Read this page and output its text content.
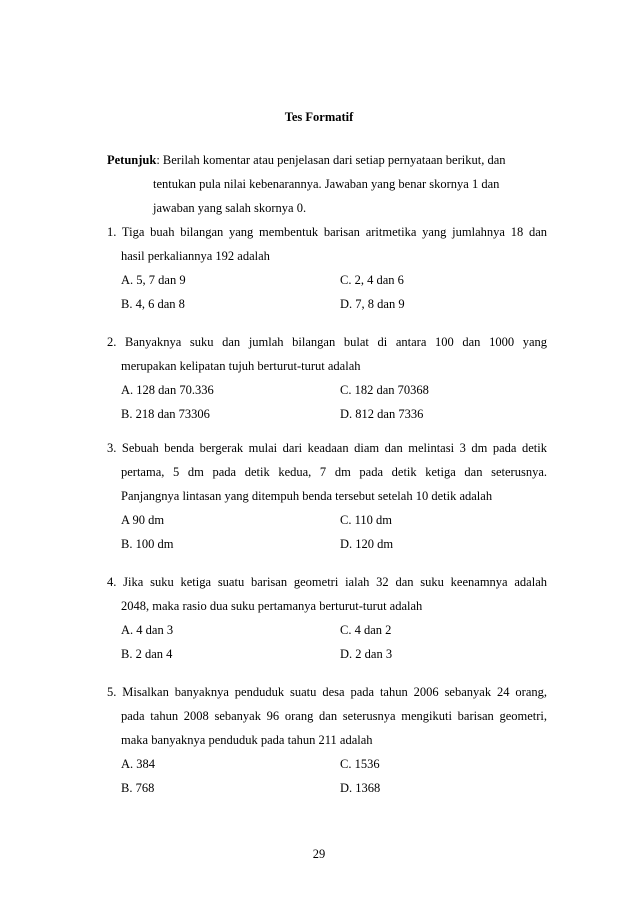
Tes Formatif
Petunjuk: Berilah komentar atau penjelasan dari setiap pernyataan berikut, dan
tentukan pula nilai kebenarannya. Jawaban yang benar skornya 1 dan
jawaban yang salah skornya 0.
1. Tiga buah bilangan yang membentuk barisan aritmetika yang jumlahnya 18 dan
hasil perkaliannya 192 adalah
A. 5, 7 dan 9	C. 2, 4 dan 6
B. 4, 6 dan 8	D. 7, 8 dan 9
2. Banyaknya suku dan jumlah bilangan bulat di antara 100 dan 1000 yang
merupakan kelipatan tujuh berturut-turut adalah
A. 128 dan 70.336	C. 182 dan 70368
B. 218 dan 73306	D. 812 dan 7336
3. Sebuah benda bergerak mulai dari keadaan diam dan melintasi 3 dm pada detik
pertama, 5 dm pada detik kedua, 7 dm pada detik ketiga dan seterusnya.
Panjangnya lintasan yang ditempuh benda tersebut setelah 10 detik adalah
A 90 dm	C. 110 dm
B. 100 dm	D. 120 dm
4. Jika suku ketiga suatu barisan geometri ialah 32 dan suku keenamnya adalah
2048, maka rasio dua suku pertamanya berturut-turut adalah
A. 4 dan 3	C. 4 dan 2
B. 2 dan 4	D. 2 dan 3
5. Misalkan banyaknya penduduk suatu desa pada tahun 2006 sebanyak 24 orang,
pada tahun 2008 sebanyak 96 orang dan seterusnya mengikuti barisan geometri,
maka banyaknya penduduk pada tahun 211 adalah
A. 384	C. 1536
B. 768	D. 1368
29
